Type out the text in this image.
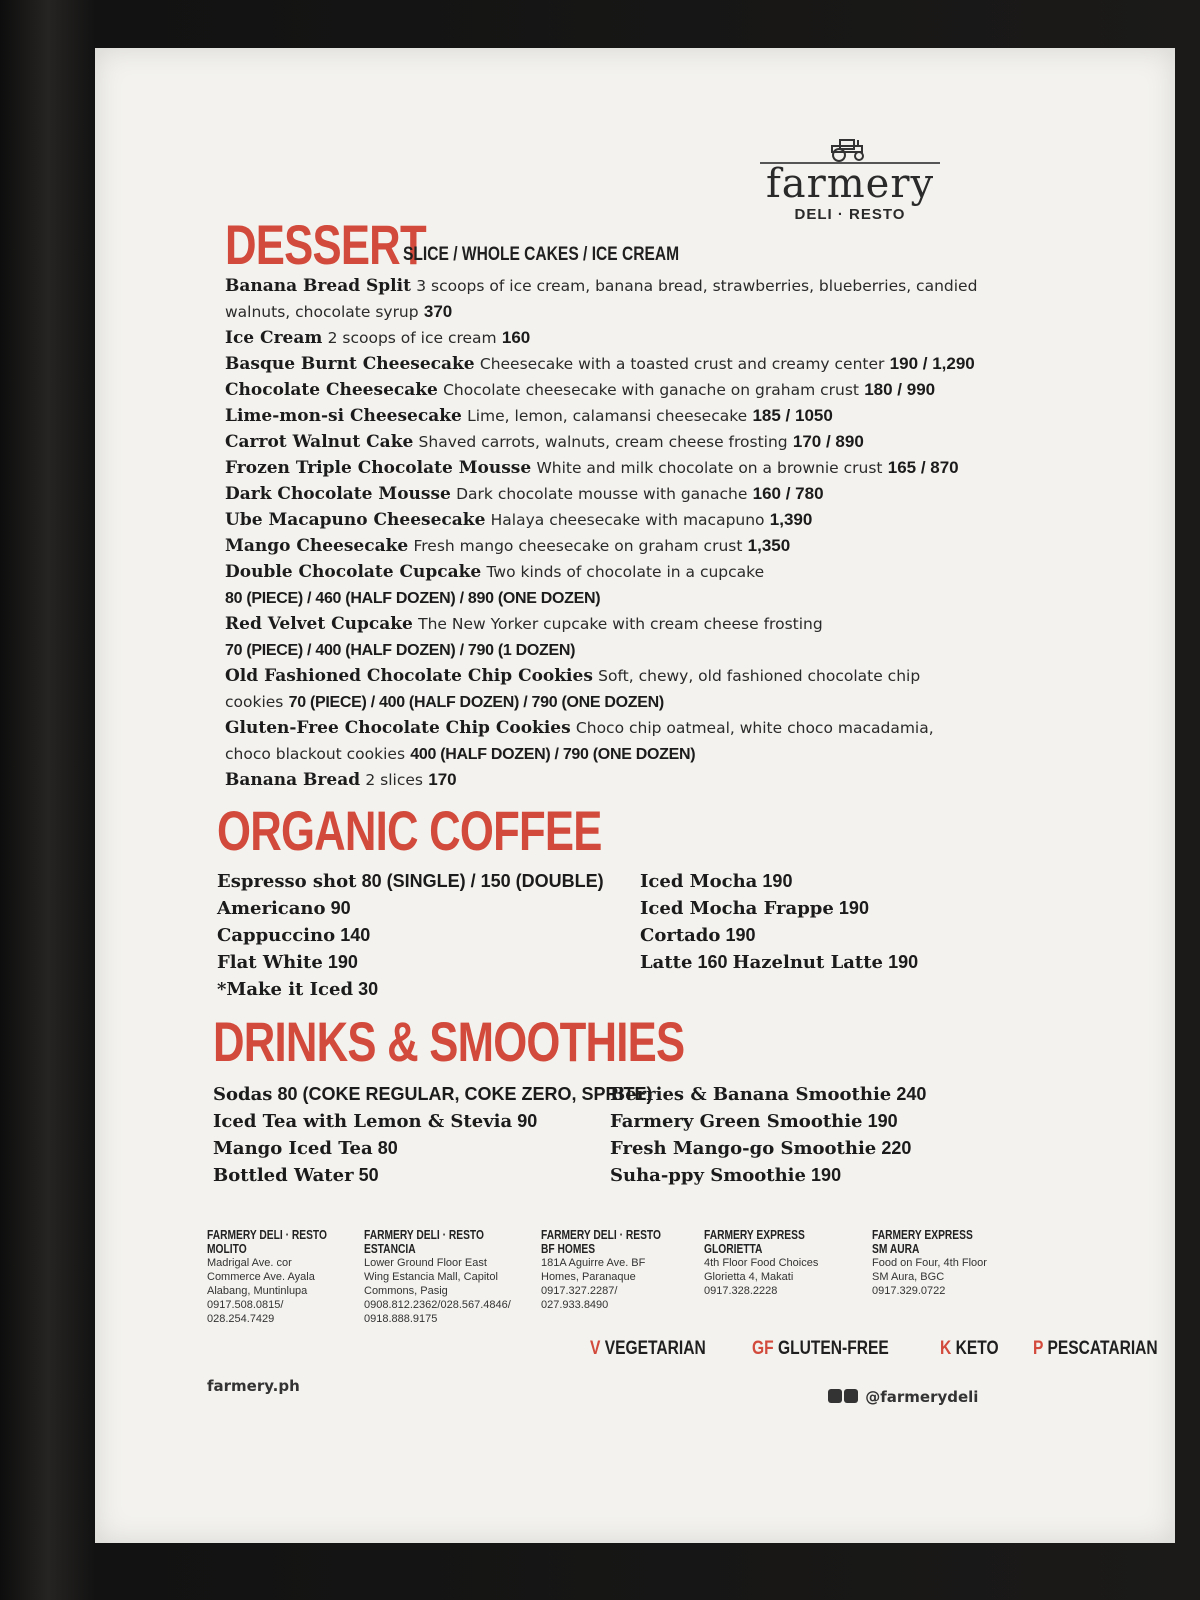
farmery
DELI · RESTO
DESSERT
SLICE / WHOLE CAKES / ICE CREAM
Banana Bread Split 3 scoops of ice cream, banana bread, strawberries, blueberries, candied
walnuts, chocolate syrup 370
Ice Cream 2 scoops of ice cream 160
Basque Burnt Cheesecake Cheesecake with a toasted crust and creamy center 190 / 1,290
Chocolate Cheesecake Chocolate cheesecake with ganache on graham crust 180 / 990
Lime-mon-si Cheesecake Lime, lemon, calamansi cheesecake 185 / 1050
Carrot Walnut Cake Shaved carrots, walnuts, cream cheese frosting 170 / 890
Frozen Triple Chocolate Mousse White and milk chocolate on a brownie crust 165 / 870
Dark Chocolate Mousse Dark chocolate mousse with ganache 160 / 780
Ube Macapuno Cheesecake Halaya cheesecake with macapuno 1,390
Mango Cheesecake Fresh mango cheesecake on graham crust 1,350
Double Chocolate Cupcake Two kinds of chocolate in a cupcake
80 (PIECE) / 460 (HALF DOZEN) / 890 (ONE DOZEN)
Red Velvet Cupcake The New Yorker cupcake with cream cheese frosting
70 (PIECE) / 400 (HALF DOZEN) / 790 (1 DOZEN)
Old Fashioned Chocolate Chip Cookies Soft, chewy, old fashioned chocolate chip
cookies 70 (PIECE) / 400 (HALF DOZEN) / 790 (ONE DOZEN)
Gluten-Free Chocolate Chip Cookies Choco chip oatmeal, white choco macadamia,
choco blackout cookies 400 (HALF DOZEN) / 790 (ONE DOZEN)
Banana Bread 2 slices 170
ORGANIC COFFEE
Espresso shot 80 (SINGLE) / 150 (DOUBLE)
Americano 90
Cappuccino 140
Flat White 190
*Make it Iced 30
Iced Mocha 190
Iced Mocha Frappe 190
Cortado 190
Latte 160 Hazelnut Latte 190
DRINKS & SMOOTHIES
Sodas 80 (COKE REGULAR, COKE ZERO, SPRITE)
Iced Tea with Lemon & Stevia 90
Mango Iced Tea 80
Bottled Water 50
Berries & Banana Smoothie 240
Farmery Green Smoothie 190
Fresh Mango-go Smoothie 220
Suha-ppy Smoothie 190
FARMERY DELI · RESTO
MOLITO
Madrigal Ave. cor
Commerce Ave. Ayala
Alabang, Muntinlupa
0917.508.0815/
028.254.7429
FARMERY DELI · RESTO
ESTANCIA
Lower Ground Floor East
Wing Estancia Mall, Capitol
Commons, Pasig
0908.812.2362/028.567.4846/
0918.888.9175
FARMERY DELI · RESTO
BF HOMES
181A Aguirre Ave. BF
Homes, Paranaque
0917.327.2287/
027.933.8490
FARMERY EXPRESS
GLORIETTA
4th Floor Food Choices
Glorietta 4, Makati
0917.328.2228
FARMERY EXPRESS
SM AURA
Food on Four, 4th Floor
SM Aura, BGC
0917.329.0722
V VEGETARIAN GF GLUTEN-FREE	K KETO P PESCATARIAN
farmery.ph
@farmerydeli
